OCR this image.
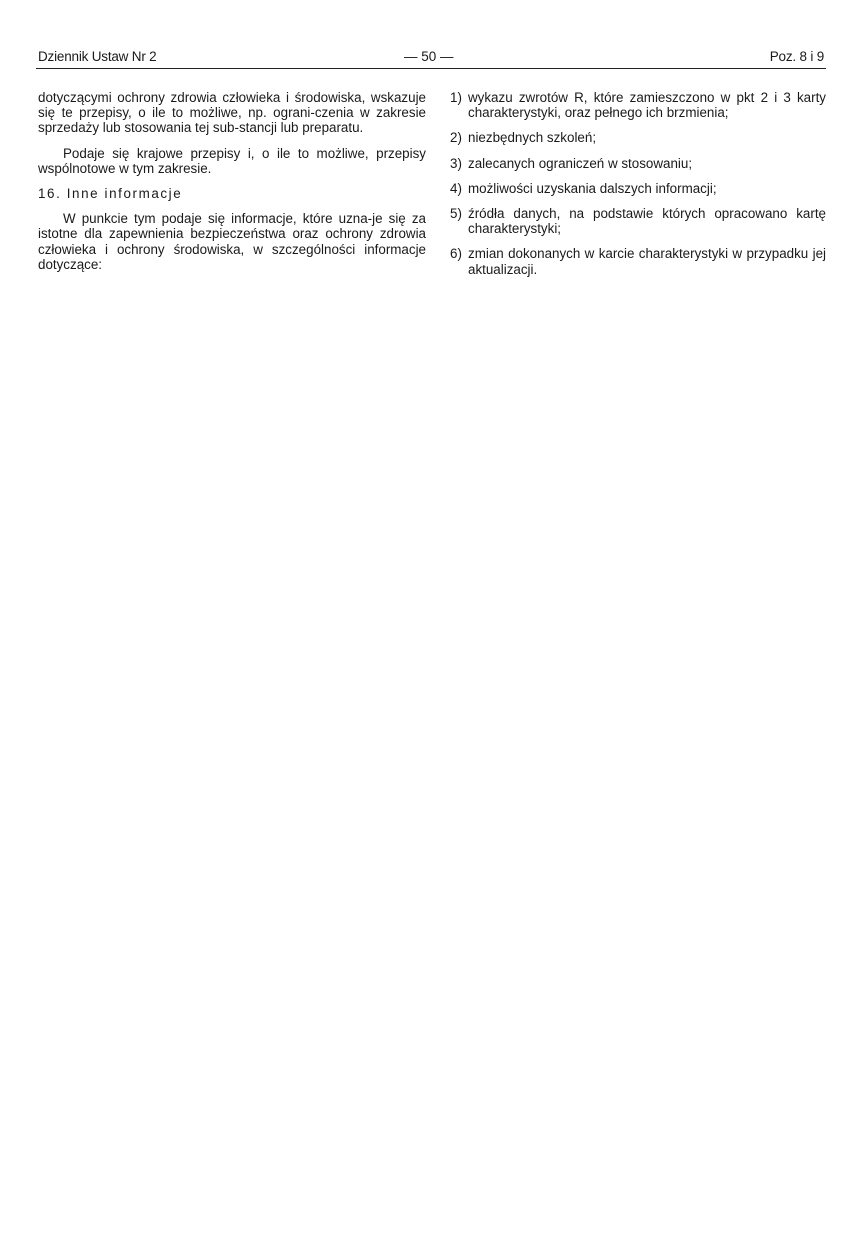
Dziennik Ustaw Nr 2	— 50 —	Poz. 8 i 9

dotyczącymi ochrony zdrowia człowieka i środowiska, wskazuje się te przepisy, o ile to możliwe, np. ograni-czenia w zakresie sprzedaży lub stosowania tej sub-stancji lub preparatu.

Podaje się krajowe przepisy i, o ile to możliwe, przepisy wspólnotowe w tym zakresie.

16. Inne informacje

W punkcie tym podaje się informacje, które uzna-je się za istotne dla zapewnienia bezpieczeństwa oraz ochrony zdrowia człowieka i ochrony środowiska, w szczególności informacje dotyczące:

1) wykazu zwrotów R, które zamieszczono w pkt 2 i 3 karty charakterystyki, oraz pełnego ich brzmienia;
2) niezbędnych szkoleń;
3) zalecanych ograniczeń w stosowaniu;
4) możliwości uzyskania dalszych informacji;
5) źródła danych, na podstawie których opracowano kartę charakterystyki;
6) zmian dokonanych w karcie charakterystyki w przypadku jej aktualizacji.
